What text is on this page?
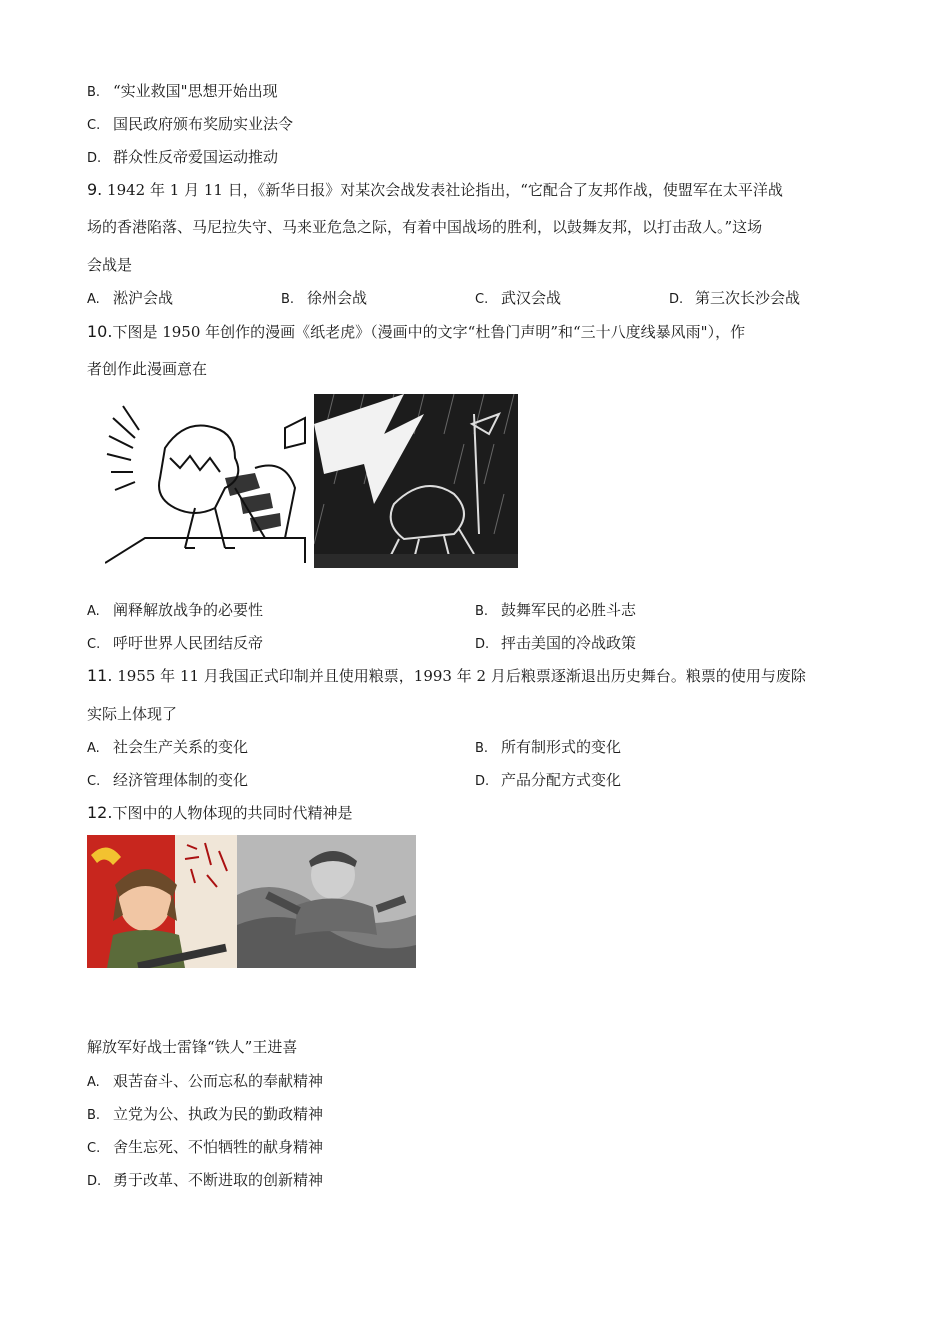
B. “实业救国"思想开始出现
C. 国民政府颁布奖励实业法令
D. 群众性反帝爱国运动推动
9. 1942 年 1 月 11 日，《新华日报》对某次会战发表社论指出，“它配合了友邦作战，使盟军在太平洋战
场的香港陷落、马尼拉失守、马来亚危急之际，有着中国战场的胜利，以鼓舞友邦，以打击敌人。”这场
会战是
A. 淞沪会战	B. 徐州会战	C. 武汉会战	D. 第三次长沙会战
10.下图是 1950 年创作的漫画《纸老虎》（漫画中的文字“杜鲁门声明”和“三十八度线暴风雨"），作
者创作此漫画意在
A. 阐释解放战争的必要性	B. 鼓舞军民的必胜斗志
C. 呼吁世界人民团结反帝	D. 抨击美国的冷战政策
11. 1955 年 11 月我国正式印制并且使用粮票，1993 年 2 月后粮票逐渐退出历史舞台。粮票的使用与废除
实际上体现了
A. 社会生产关系的变化	B. 所有制形式的变化
C. 经济管理体制的变化	D. 产品分配方式变化
12.下图中的人物体现的共同时代精神是
解放军好战士雷锋“铁人”王进喜
A. 艰苦奋斗、公而忘私的奉献精神
B. 立党为公、执政为民的勤政精神
C. 舍生忘死、不怕牺牲的献身精神
D. 勇于改革、不断进取的创新精神
